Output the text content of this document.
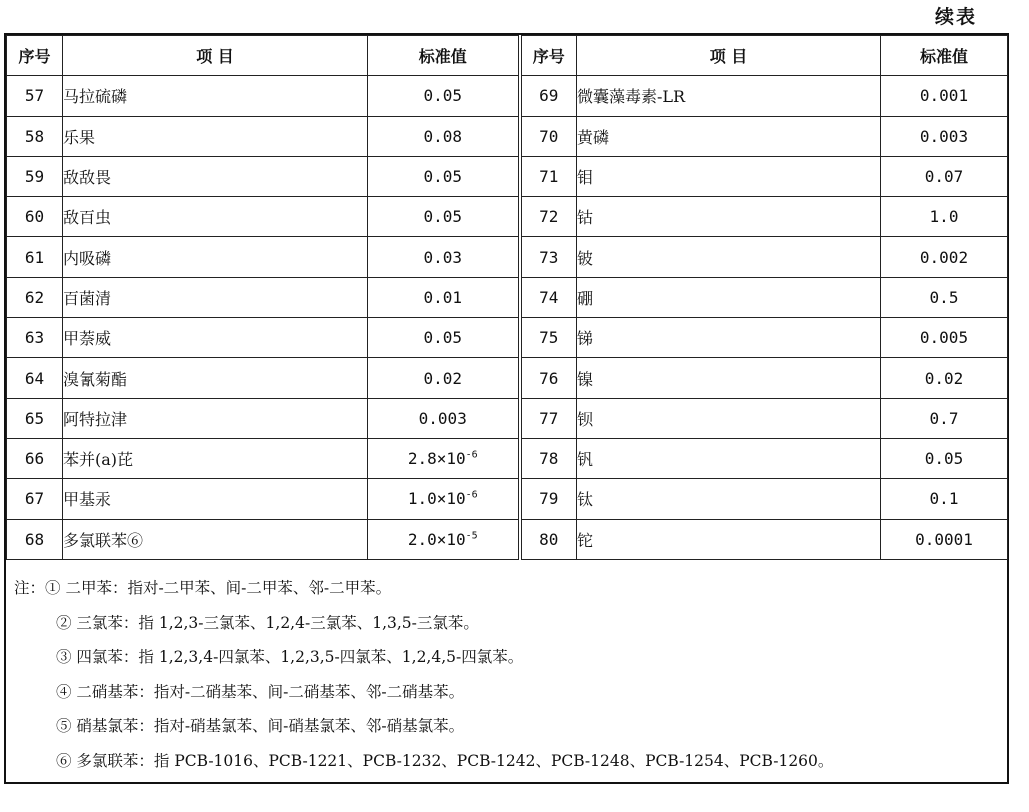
续表
序号	项 目	标准值	序号	项 目	标准值
57	马拉硫磷	0.05	69	微囊藻毒素-LR	0.001
58	乐果	0.08	70	黄磷	0.003
59	敌敌畏	0.05	71	钼	0.07
60	敌百虫	0.05	72	钴	1.0
61	内吸磷	0.03	73	铍	0.002
62	百菌清	0.01	74	硼	0.5
63	甲萘威	0.05	75	锑	0.005
64	溴氰菊酯	0.02	76	镍	0.02
65	阿特拉津	0.003	77	钡	0.7
66	苯并(a)芘	$2.8\times 10^{-6}$	78	钒	0.05
67	甲基汞	$1.0\times 10^{-6}$	79	钛	0.1
68	多氯联苯⑥	$2.0\times 10^{-5}$	80	铊	0.0001
注：① 二甲苯：指对-二甲苯、间-二甲苯、邻-二甲苯。
② 三氯苯：指 1,2,3-三氯苯、1,2,4-三氯苯、1,3,5-三氯苯。
③ 四氯苯：指 1,2,3,4-四氯苯、1,2,3,5-四氯苯、1,2,4,5-四氯苯。
④ 二硝基苯：指对-二硝基苯、间-二硝基苯、邻-二硝基苯。
⑤ 硝基氯苯：指对-硝基氯苯、间-硝基氯苯、邻-硝基氯苯。
⑥ 多氯联苯：指 PCB-1016、PCB-1221、PCB-1232、PCB-1242、PCB-1248、PCB-1254、PCB-1260。
